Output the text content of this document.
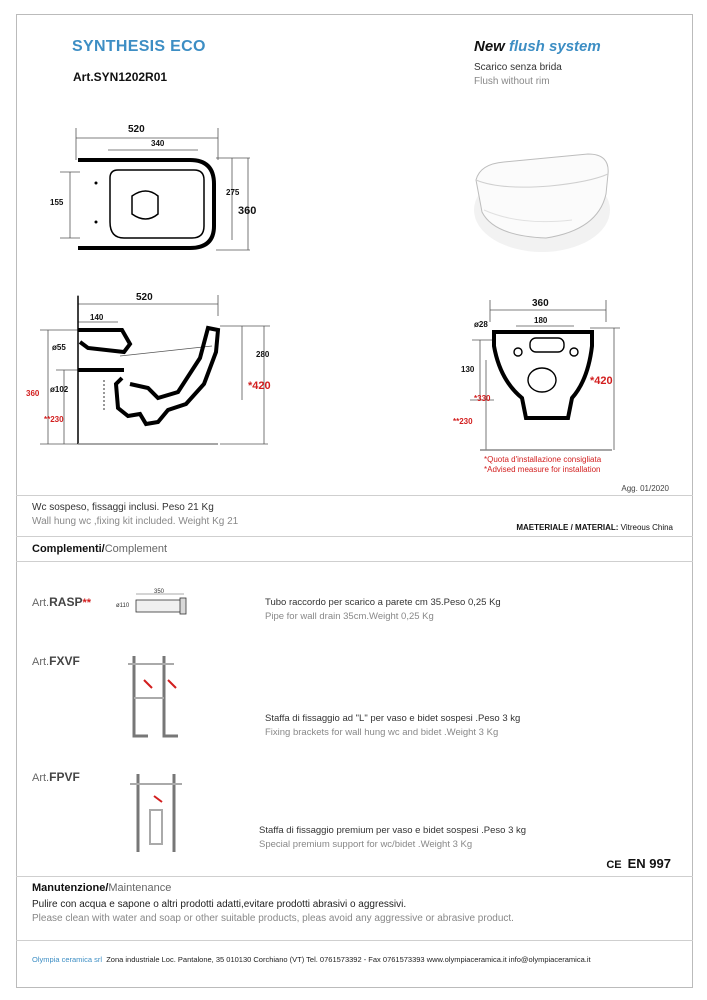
SYNTHESIS ECO
Art.SYN1202R01
New flush system
Scarico senza brida
Flush without rim
520
340
155
275
360
520
140
ø55
ø102
360
**230
280
*420
360
180
ø28
130
*330
**230
*420
*Quota d'installazione consigliata
*Advised measure for installation
Agg. 01/2020
Wc sospeso, fissaggi inclusi. Peso 21 Kg
Wall hung wc ,fixing kit included. Weight Kg 21
MAETERIALE / MATERIAL: Vitreous China
Complementi/Complement
Art.RASP**
350
ø110	Tubo raccordo per scarico a parete cm 35.Peso 0,25 Kg
Pipe for wall drain 35cm.Weight 0,25 Kg
Art.FXVF
Staffa di fissaggio ad "L" per vaso e bidet sospesi .Peso 3 kg
Fixing brackets for wall hung wc and bidet .Weight 3 Kg
Art.FPVF
Staffa di fissaggio premium per vaso e bidet sospesi .Peso 3 kg
Special premium support for wc/bidet .Weight 3 Kg
CE EN 997
Manutenzione/Maintenance
Pulire con acqua e sapone o altri prodotti adatti,evitare prodotti abrasivi o aggressivi.
Please clean with water and soap or other suitable products, pleas avoid any aggressive or abrasive product.
Olympia ceramica srl Zona industriale Loc. Pantalone, 35 010130 Corchiano (VT) Tel. 0761573392 - Fax 0761573393 www.olympiaceramica.it info@olympiaceramica.it
